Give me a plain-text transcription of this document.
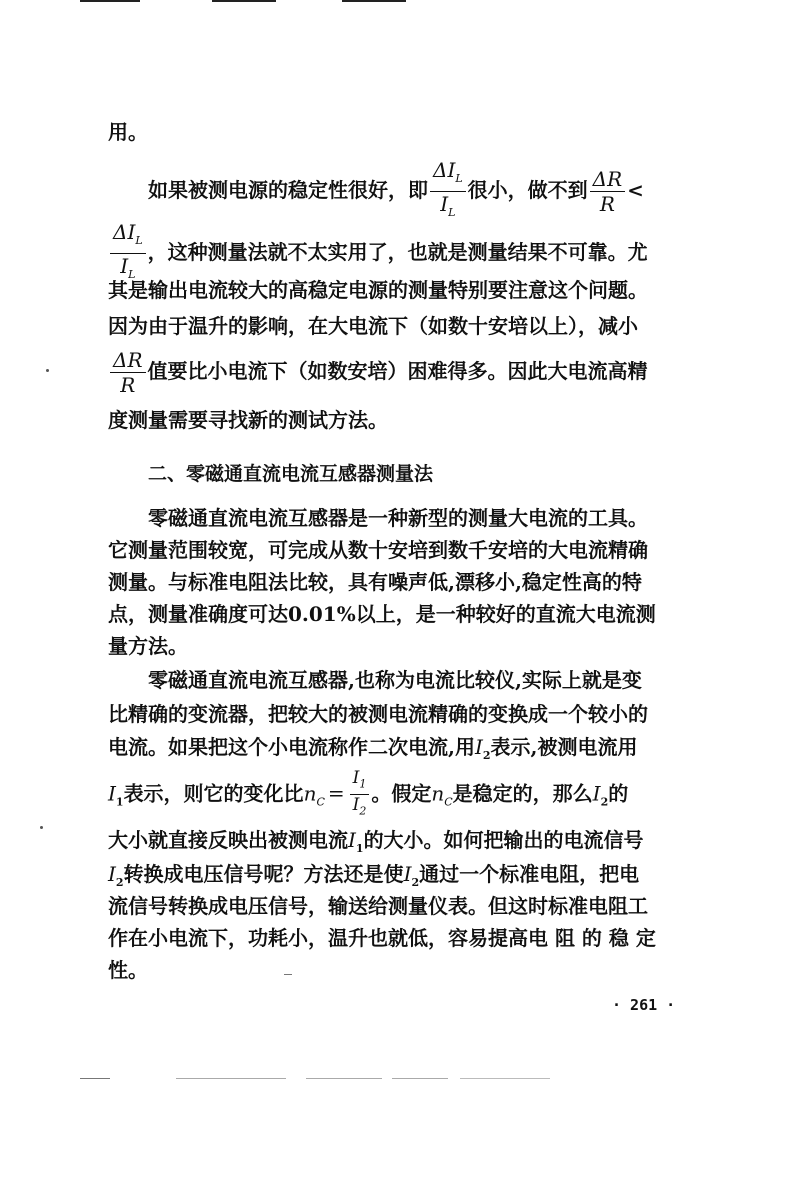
用。
如果被测电源的稳定性很好，即 $\frac{\Delta I_L}{I_L}$ 很小，做不到 $\frac{\Delta R}{R}$ <
$\frac{\Delta I_L}{I_L}$ ，这种测量法就不太实用了，也就是测量结果不可靠。尤
其是输出电流较大的高稳定电源的测量特别要注意这个问题。
因为由于温升的影响，在大电流下（如数十安培以上），减小
$\frac{\Delta R}{R}$ 值要比小电流下（如数安培）困难得多。因此大电流高精
度测量需要寻找新的测试方法。
二、零磁通直流电流互感器测量法
零磁通直流电流互感器是一种新型的测量大电流的工具。
它测量范围较宽，可完成从数十安培到数千安培的大电流精确
测量。与标准电阻法比较，具有噪声低,漂移小,稳定性高的特
点，测量准确度可达0.01%以上，是一种较好的直流大电流测
量方法。
零磁通直流电流互感器,也称为电流比较仪,实际上就是变
比精确的变流器，把较大的被测电流精确的变换成一个较小的
电流。如果把这个小电流称作二次电流,用$I_2$表示,被测电流用
$I_1$表示，则它的变化比$n_C = \frac{I_1}{I_2}$ 。假定$n_C$是稳定的，那么$I_2$的
大小就直接反映出被测电流$I_1$的大小。如何把输出的电流信号
$I_2$转换成电压信号呢？方法还是使$I_2$通过一个标准电阻，把电
流信号转换成电压信号，输送给测量仪表。但这时标准电阻工
作在小电流下，功耗小，温升也就低，容易提高电 阻 的 稳 定
性。
· 261 ·
